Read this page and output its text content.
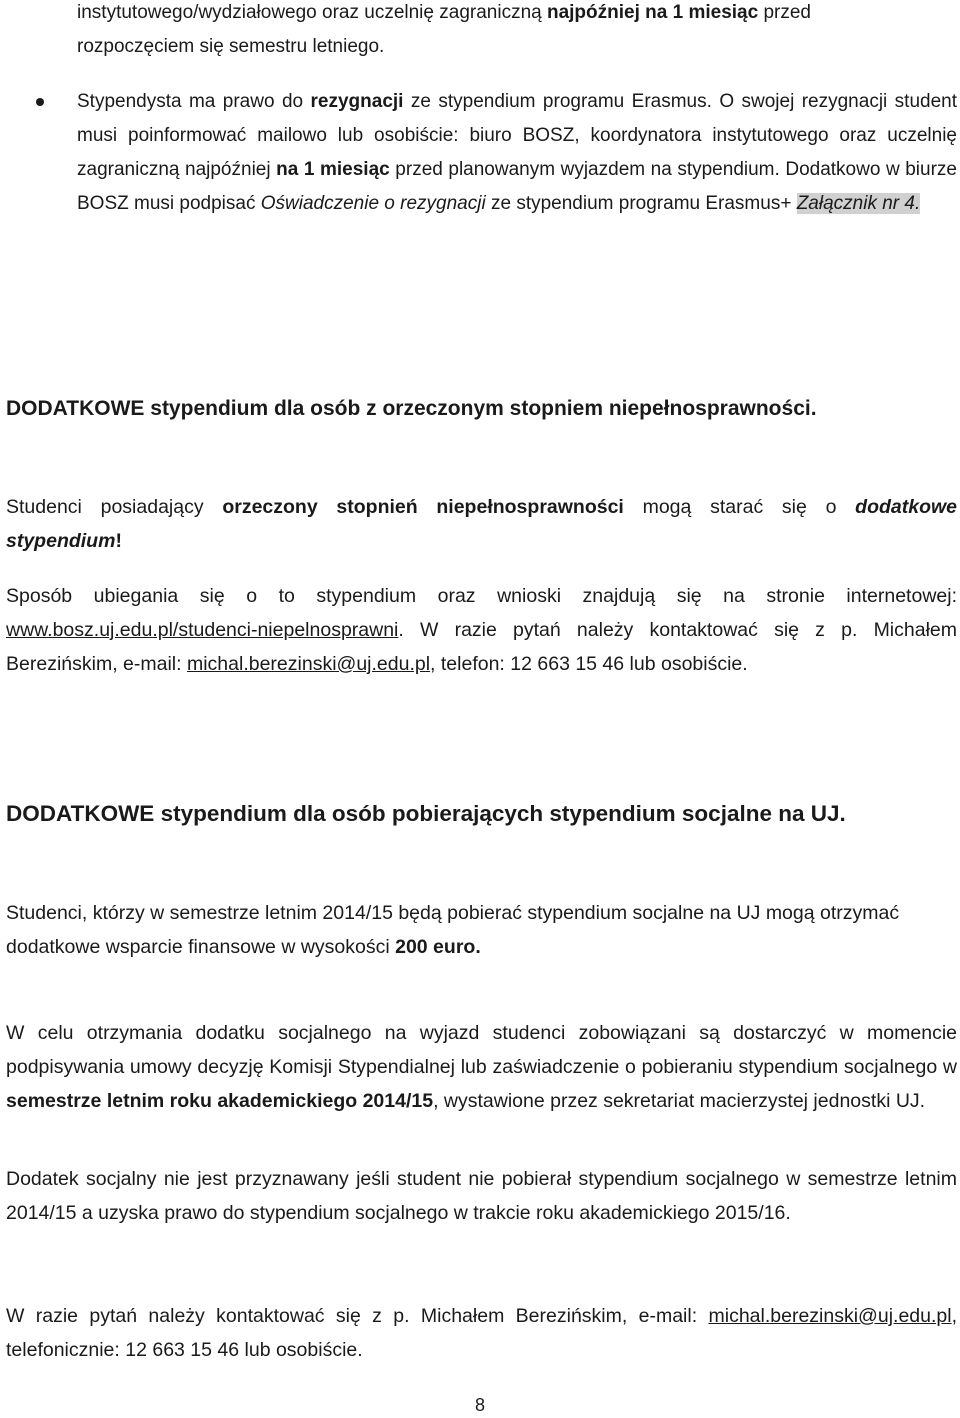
instytutowego/wydziałowego oraz uczelnię zagraniczną najpóźniej na 1 miesiąc przed
rozpoczęciem się semestru letniego.
Stypendysta ma prawo do rezygnacji ze stypendium programu Erasmus. O swojej rezygnacji student musi poinformować mailowo lub osobiście: biuro BOSZ, koordynatora instytutowego oraz uczelnię zagraniczną najpóźniej na 1 miesiąc przed planowanym wyjazdem na stypendium. Dodatkowo w biurze BOSZ musi podpisać Oświadczenie o rezygnacji ze stypendium programu Erasmus+ Załącznik nr 4.
DODATKOWE stypendium dla osób z orzeczonym stopniem niepełnosprawności.
Studenci posiadający orzeczony stopnień niepełnosprawności mogą starać się o dodatkowe stypendium!
Sposób ubiegania się o to stypendium oraz wnioski znajdują się na stronie internetowej: www.bosz.uj.edu.pl/studenci-niepelnosprawni. W razie pytań należy kontaktować się z p. Michałem Berezińskim, e-mail: michal.berezinski@uj.edu.pl, telefon: 12 663 15 46 lub osobiście.
DODATKOWE stypendium dla osób pobierających stypendium socjalne na UJ.
Studenci, którzy w semestrze letnim 2014/15 będą pobierać stypendium socjalne na UJ mogą otrzymać dodatkowe wsparcie finansowe w wysokości 200 euro.
W celu otrzymania dodatku socjalnego na wyjazd studenci zobowiązani są dostarczyć w momencie podpisywania umowy decyzję Komisji Stypendialnej lub zaświadczenie o pobieraniu stypendium socjalnego w semestrze letnim roku akademickiego 2014/15, wystawione przez sekretariat macierzystej jednostki UJ.
Dodatek socjalny nie jest przyznawany jeśli student nie pobierał stypendium socjalnego w semestrze letnim 2014/15 a uzyska prawo do stypendium socjalnego w trakcie roku akademickiego 2015/16.
W razie pytań należy kontaktować się z p. Michałem Berezińskim, e-mail: michal.berezinski@uj.edu.pl, telefonicznie: 12 663 15 46 lub osobiście.
8
